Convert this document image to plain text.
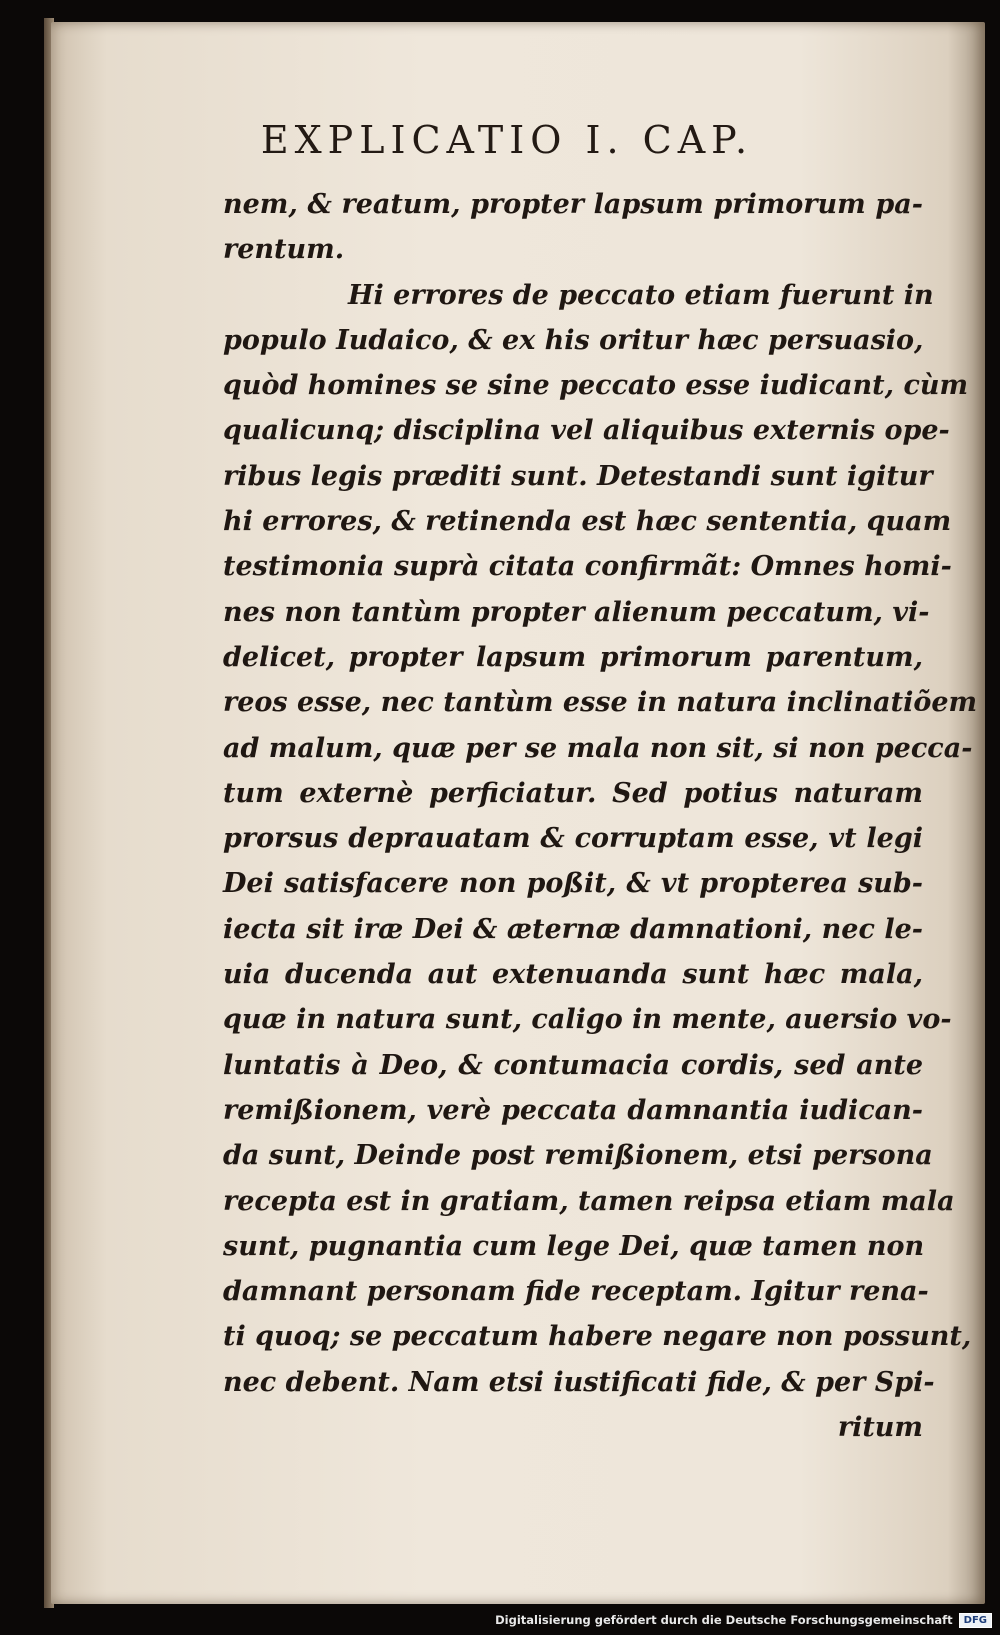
EXPLICATIO I. CAP.
nem, & reatum, propter lapsum primorum pa-
rentum.
Hi errores de peccato etiam fuerunt in
populo Iudaico, & ex his oritur hæc persuasio,
quòd homines se sine peccato esse iudicant, cùm
qualicunq; disciplina vel aliquibus externis ope-
ribus legis præditi sunt. Detestandi sunt igitur
hi errores, & retinenda est hæc sententia, quam
testimonia suprà citata confirmãt: Omnes homi-
nes non tantùm propter alienum peccatum, vi-
delicet, propter lapsum primorum parentum,
reos esse, nec tantùm esse in natura inclinatiõem
ad malum, quæ per se mala non sit, si non pecca-
tum externè perficiatur. Sed potius naturam
prorsus deprauatam & corruptam esse, vt legi
Dei satisfacere non poßit, & vt propterea sub-
iecta sit iræ Dei & æternæ damnationi, nec le-
uia ducenda aut extenuanda sunt hæc mala,
quæ in natura sunt, caligo in mente, auersio vo-
luntatis à Deo, & contumacia cordis, sed ante
remißionem, verè peccata damnantia iudican-
da sunt, Deinde post remißionem, etsi persona
recepta est in gratiam, tamen reipsa etiam mala
sunt, pugnantia cum lege Dei, quæ tamen non
damnant personam fide receptam. Igitur rena-
ti quoq; se peccatum habere negare non possunt,
nec debent. Nam etsi iustificati fide, & per Spi-
ritum
Digitalisierung gefördert durch die Deutsche Forschungsgemeinschaft	DFG
